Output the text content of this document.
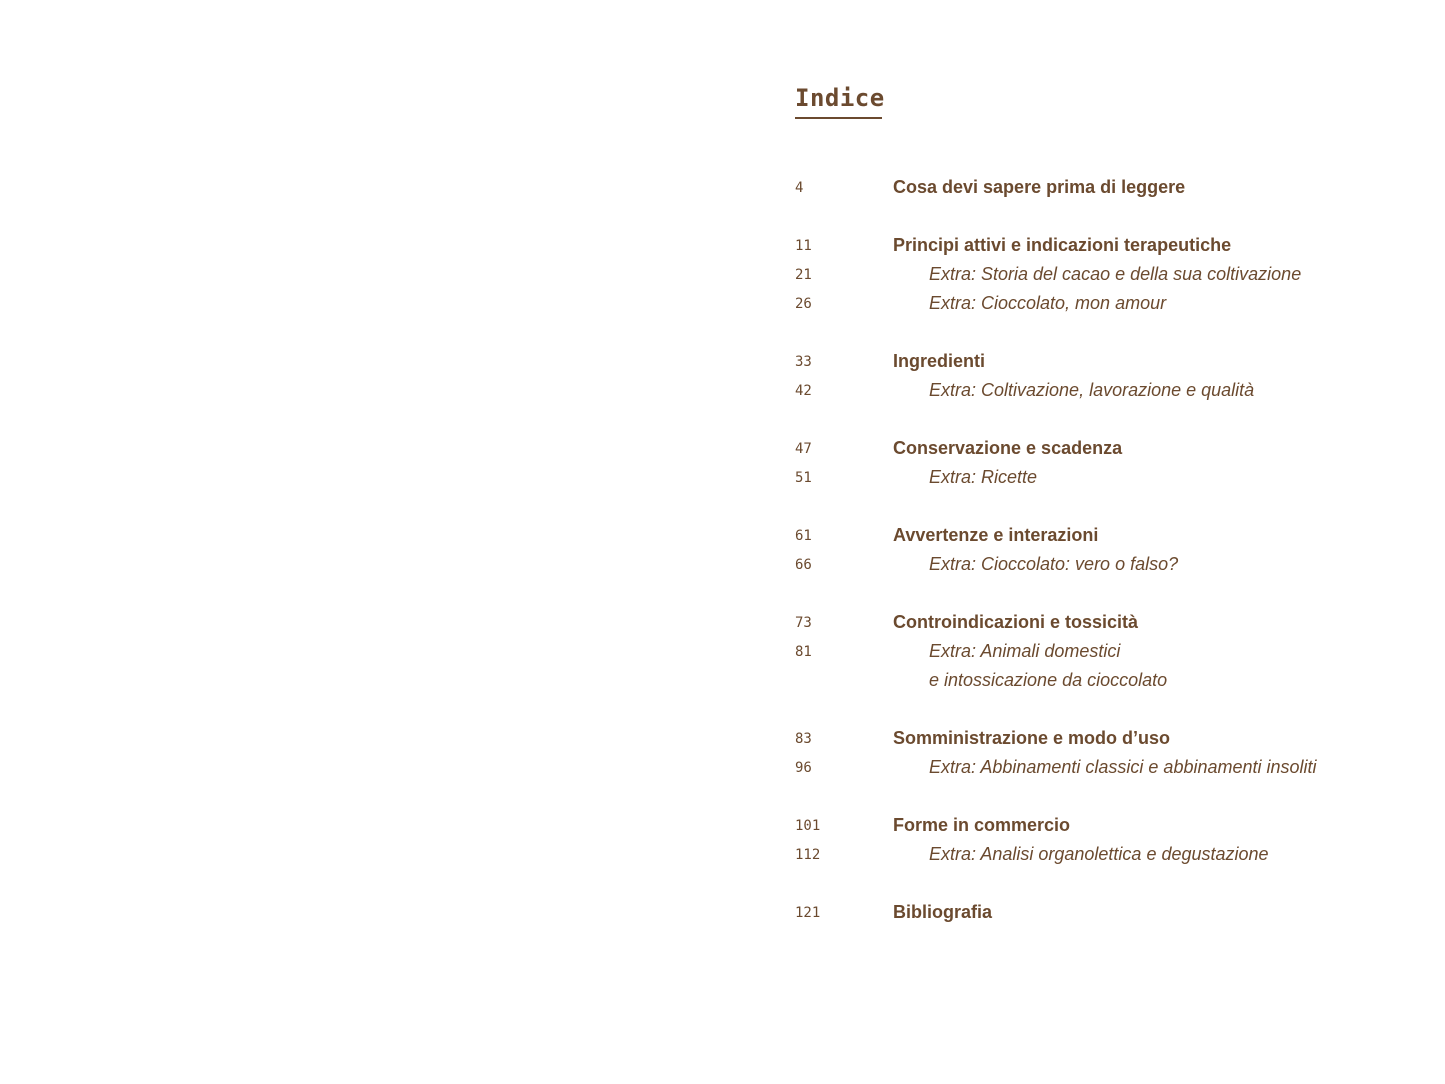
Indice
4	Cosa devi sapere prima di leggere
11	Principi attivi e indicazioni terapeutiche
21	Extra: Storia del cacao e della sua coltivazione
26	Extra: Cioccolato, mon amour
33	Ingredienti
42	Extra: Coltivazione, lavorazione e qualità
47	Conservazione e scadenza
51	Extra: Ricette
61	Avvertenze e interazioni
66	Extra: Cioccolato: vero o falso?
73	Controindicazioni e tossicità
81	Extra: Animali domestici
e intossicazione da cioccolato
83	Somministrazione e modo d’uso
96	Extra: Abbinamenti classici e abbinamenti insoliti
101	Forme in commercio
112	Extra: Analisi organolettica e degustazione
121	Bibliografia
